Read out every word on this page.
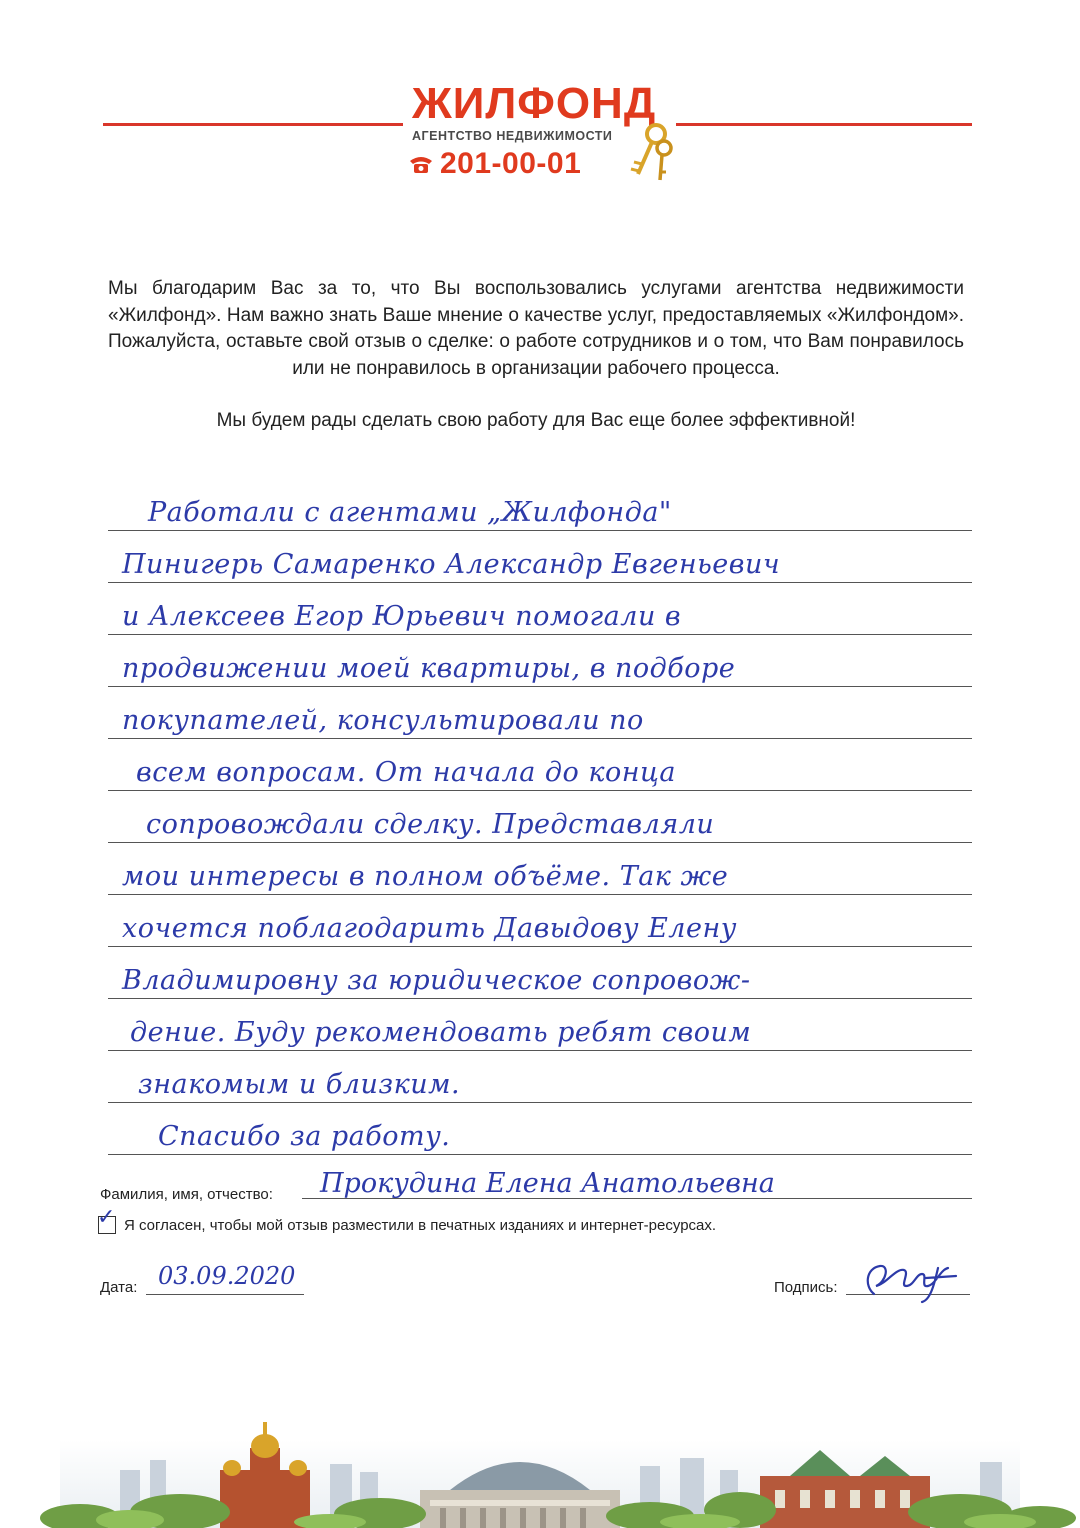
ЖИЛФОНД
АГЕНТСТВО НЕДВИЖИМОСТИ
201-00-01
Мы благодарим Вас за то, что Вы воспользовались услугами агентства недвижимости «Жилфонд». Нам важно знать Ваше мнение о качестве услуг, предоставляемых «Жилфондом». Пожалуйста, оставьте свой отзыв о сделке: о работе сотрудников и о том, что Вам понравилось или не понравилось в организации рабочего процесса.
Мы будем рады сделать свою работу для Вас еще более эффективной!
Работали с агентами „Жилфонда"
Пинигерь Самаренко Александр Евгеньевич
и Алексеев Егор Юрьевич помогали в
продвижении моей квартиры, в подборе
покупателей, консультировали по
всем вопросам. От начала до конца
сопровождали сделку. Представляли
мои интересы в полном объёме. Так же
хочется поблагодарить Давыдову Елену
Владимировну за юридическое сопровож-
дение. Буду рекомендовать ребят своим
знакомым и близким.
Спасибо за работу.
Фамилия, имя, отчество: Прокудина Елена Анатольевна
✓ Я согласен, чтобы мой отзыв разместили в печатных изданиях и интернет-ресурсах.
Дата: 03.09.2020	Подпись:
